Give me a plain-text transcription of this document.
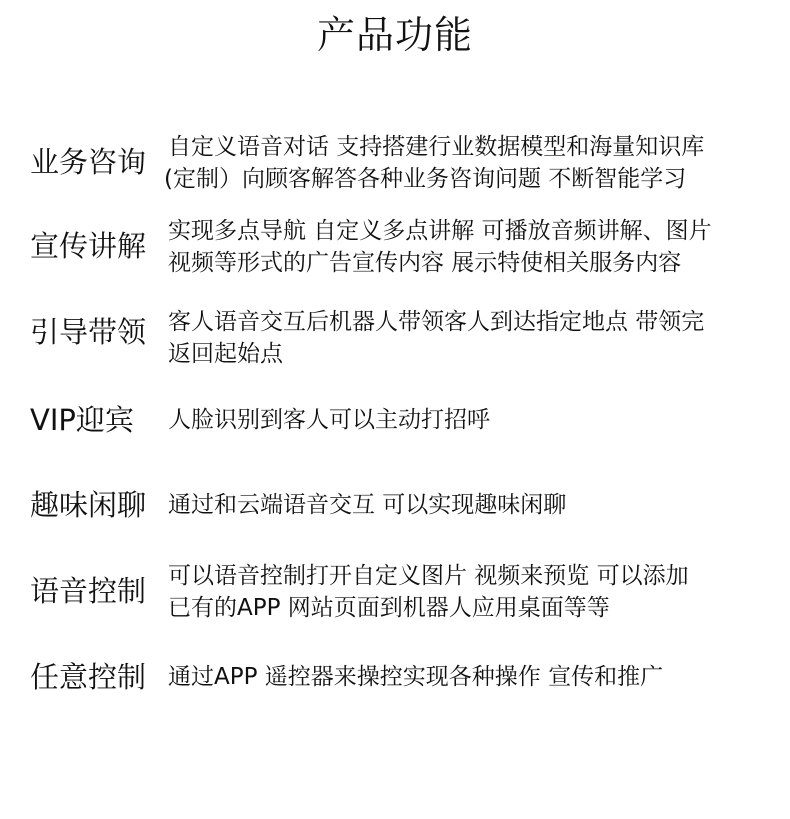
产品功能
业务咨询 自定义语音对话 支持搭建行业数据模型和海量知识库
(定制）向顾客解答各种业务咨询问题 不断智能学习
宣传讲解 实现多点导航 自定义多点讲解 可播放音频讲解、图片
视频等形式的广告宣传内容 展示特使相关服务内容
引导带领 客人语音交互后机器人带领客人到达指定地点 带领完
返回起始点
VIP迎宾 人脸识别到客人可以主动打招呼
趣味闲聊 通过和云端语音交互 可以实现趣味闲聊
语音控制 可以语音控制打开自定义图片 视频来预览 可以添加
已有的APP 网站页面到机器人应用桌面等等
任意控制 通过APP 遥控器来操控实现各种操作 宣传和推广
